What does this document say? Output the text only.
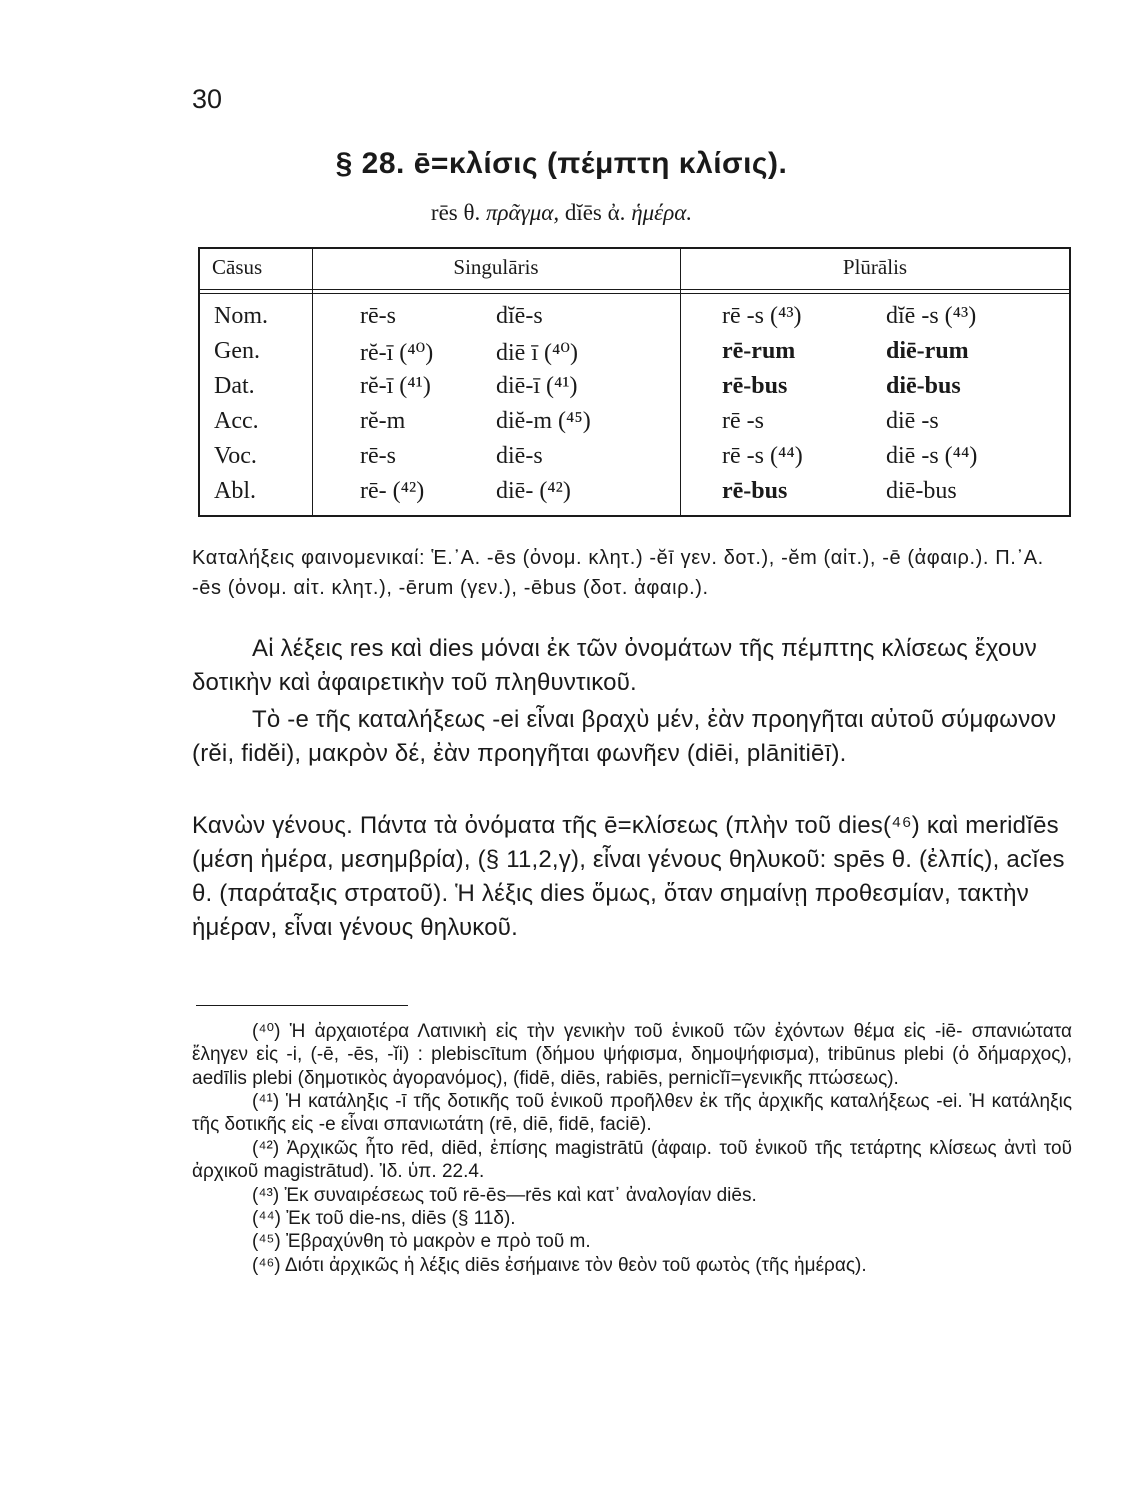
30
§ 28. ē=κλίσις (πέμπτη κλίσις).
rēs θ. πρᾶγμα, dĭēs ἀ. ἡμέρα.
Cāsus	Singulāris	Plūrālis
Nom.	rē-s	dĭē-s	rē -s (⁴³)	dĭē -s (⁴³)
Gen.	rĕ-ī (⁴⁰)	diē ī (⁴⁰)	rē-rum	diē-rum
Dat.	rĕ-ī (⁴¹)	diē-ī (⁴¹)	rē-bus	diē-bus
Acc.	rĕ-m	diĕ-m (⁴⁵)	rē -s	diē -s
Voc.	rē-s	diē-s	rē -s (⁴⁴)	diē -s (⁴⁴)
Abl.	rē- (⁴²)	diē- (⁴²)	rē-bus	diē-bus

Καταλήξεις φαινομενικαί: Ἑ.᾿Α. -ēs (ὀνομ. κλητ.) -ĕī γεν. δοτ.), -ĕm (αἰτ.), -ē (ἀφαιρ.). Π.᾿Α. -ēs (ὀνομ. αἰτ. κλητ.), -ērum (γεν.), -ēbus (δοτ. ἀφαιρ.).

Αἱ λέξεις res καὶ dies μόναι ἐκ τῶν ὀνομάτων τῆς πέμπτης κλίσεως ἔχουν δοτικὴν καὶ ἀφαιρετικὴν τοῦ πληθυντικοῦ.

Τὸ -e τῆς καταλήξεως -ei εἶναι βραχὺ μέν, ἐὰν προηγῆται αὐτοῦ σύμφωνον (rĕi, fidĕi), μακρὸν δέ, ἐὰν προηγῆται φωνῆεν (diēi, plānitiēī).

Κανὼν γένους. Πάντα τὰ ὀνόματα τῆς ē=κλίσεως (πλὴν τοῦ dies(⁴⁶) καὶ meridĭēs (μέση ἡμέρα, μεσημβρία), (§ 11,2,γ), εἶναι γένους θηλυκοῦ: spēs θ. (ἐλπίς), acĭes θ. (παράταξις στρατοῦ). Ἡ λέξις dies ὅμως, ὅταν σημαίνῃ προθεσμίαν, τακτὴν ἡμέραν, εἶναι γένους θηλυκοῦ.

(⁴⁰) Ἡ ἀρχαιοτέρα Λατινικὴ εἰς τὴν γενικὴν τοῦ ἑνικοῦ τῶν ἐχόντων θέμα εἰς -iē- σπανιώτατα ἔληγεν εἰς -i, (-ē, -ēs, -ĭi) : plebiscītum (δήμου ψήφισμα, δημοψήφισμα), tribūnus plebi (ὁ δήμαρχος), aedīlis plebi (δημοτικὸς ἀγορανόμος), (fidē, diēs, rabiēs, pernicĭī=γενικῆς πτώσεως).

(⁴¹) Ἡ κατάληξις -ī τῆς δοτικῆς τοῦ ἑνικοῦ προῆλθεν ἐκ τῆς ἀρχικῆς καταλήξεως -ei. Ἡ κατάληξις τῆς δοτικῆς εἰς -e εἶναι σπανιωτάτη (rē, diē, fidē, faciē).

(⁴²) Ἀρχικῶς ἦτο rēd, diēd, ἐπίσης magistrātū (ἀφαιρ. τοῦ ἑνικοῦ τῆς τετάρτης κλίσεως ἀντὶ τοῦ ἀρχικοῦ magistrātud). Ἰδ. ὑπ. 22.4.

(⁴³) Ἐκ συναιρέσεως τοῦ rē-ēs—rēs καὶ κατ᾿ ἀναλογίαν diēs.

(⁴⁴) Ἐκ τοῦ die-ns, diēs (§ 11δ).

(⁴⁵) Ἐβραχύνθη τὸ μακρὸν e πρὸ τοῦ m.

(⁴⁶) Διότι ἀρχικῶς ἡ λέξις diēs ἐσήμαινε τὸν θεὸν τοῦ φωτὸς (τῆς ἡμέρας).
